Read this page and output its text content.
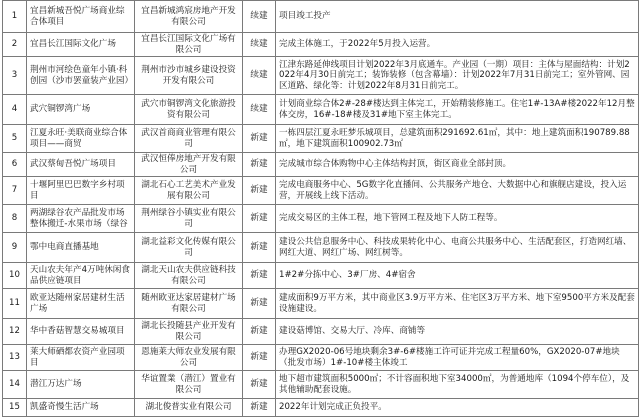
1	宜昌新城吾悦广场商业综合体项目	宜昌新城鸿宸房地产开发有限公司	续建	项目竣工投产
2	宜昌长江国际文化广场	宜昌长江国际文化广场有限公司	续建	完成主体施工，于2022年5月投入运营。
3	荆州市河绘色童年小镇·科创园（沙市罢童装产业园）	荆州市沙市城乡建设投资开发有限公司	续建	江津东路延伸线项目计划2022年3月底通车。产业园（一期）项目：主体与屋面结构：计划2022年4月30日前完工；装饰装修（包含幕墙）：计划2022年7月31日前完工；室外管网、园区道路、绿化等：计划2022年8月31日前完工。
4	武穴铜锣湾广场	武穴市铜锣湾文化旅游投资有限公司	续建	计划商业综合体2#-28#楼达到主体完工，开始精装修施工。住宅1#-13A#楼2022年12月整体交房，16#-18#楼及31#地下室主体完工。
5	江夏永旺·美联商业综合体项目——商贸	武汉首商商业管理有限公司	新建	一栋四层江夏永旺梦乐城项目，总建筑面积291692.61㎡，其中：地上建筑面积190789.88㎡，地下建筑面积100902.73㎡
6	武汉蔡甸吾悦广场项目	武汉恒俸房地产开发有限公司	新建	完成城市综合体购物中心主体结构封顶，街区商业全部封顶。
7	十堰阿里巴巴数字乡村项目	湖北石心工艺美术产业发展有限公司	新建	完成电商服务中心、5G数字化直播间、公共服务产地仓、大数据中心和旗舰店建设，投入运营，开展线上线下活动。
8	两湖绿谷农产品批发市场整体搬迁-水果市场（绿谷	荆州绿谷小镇实业有限公司	新建	完成交易区的主体工程，地下管网工程及地下人防工程等。
9	鄂中电商直播基地	湖北益彩文化传媒有限公司	新建	建设公共信息服务中心、科技成果转化中心、电商公共服务中心、生活配套区，打造网红墙、网红大道、网红广场、网红树等。
10	天山农夫年产4万吨休闲食品供应链项目	湖北天山农夫供应链科技有限公司	新建	1#2#分拣中心、3#厂房、4#宿舍
11	欧亚达随州家居建材生活广场	随州欧亚达家居建材广场有限公司	新建	建成面积9万平方米，其中商业区3.9万平方米、住宅区3万平方米、地下室9500平方米及配套设施建设。
12	华中香菇智慧交易城项目	湖北长投随县产业开发有限公司	新建	建设菇博馆、交易大厅、冷库、商铺等
13	莱大师硒都农资产业园项目	恩施莱大师农业发展有限公司	新建	办理GX2020-06号地块剩余3#-6#楼施工许可证并完成工程量60%，GX2020-07#地块（批发市场）1#-10#楼主体竣工
14	潜江万达广场	华谊置業（潜江）置业有限公司	新建	地下超市建筑面积5000㎡；不计容面积地下室34000㎡，为普通地库（1094个停车位），及其他辅助配套设施。
15	凯盛奇慢生活广场	湖北俊普实业有限公司	新建	2022年计划完成正负投平。
